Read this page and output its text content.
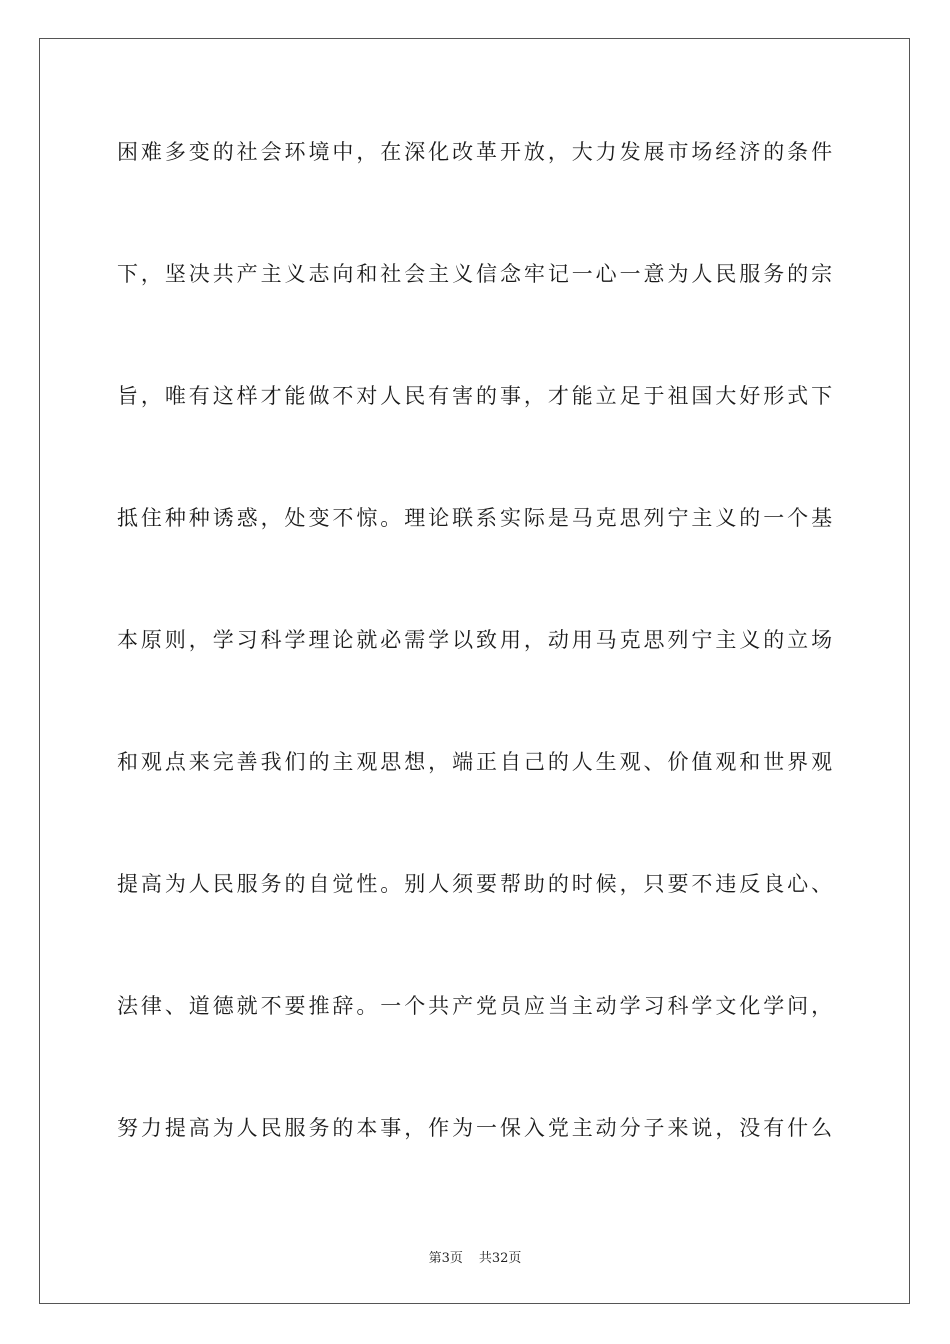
困难多变的社会环境中，在深化改革开放，大力发展市场经济的条件
下，坚决共产主义志向和社会主义信念牢记一心一意为人民服务的宗
旨，唯有这样才能做不对人民有害的事，才能立足于祖国大好形式下
抵住种种诱惑，处变不惊。理论联系实际是马克思列宁主义的一个基
本原则，学习科学理论就必需学以致用，动用马克思列宁主义的立场
和观点来完善我们的主观思想，端正自己的人生观、价值观和世界观
提高为人民服务的自觉性。别人须要帮助的时候，只要不违反良心、
法律、道德就不要推辞。一个共产党员应当主动学习科学文化学问，
努力提高为人民服务的本事，作为一保入党主动分子来说，没有什么
第3页 共32页
